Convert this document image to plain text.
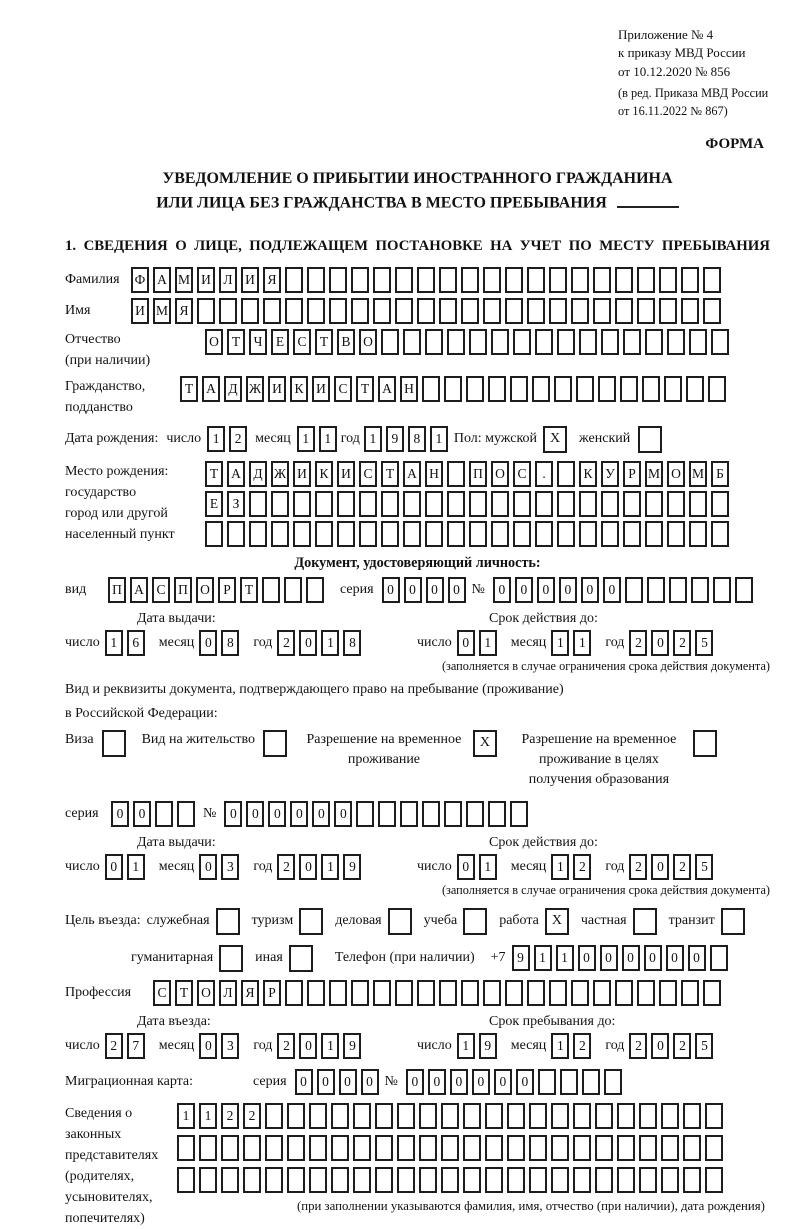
Приложение № 4
к приказу МВД России
от 10.12.2020 № 856
(в ред. Приказа МВД России
от 16.11.2022 № 867)
ФОРМА
УВЕДОМЛЕНИЕ О ПРИБЫТИИ ИНОСТРАННОГО ГРАЖДАНИНА
ИЛИ ЛИЦА БЕЗ ГРАЖДАНСТВА В МЕСТО ПРЕБЫВАНИЯ
1. СВЕДЕНИЯ О ЛИЦЕ, ПОДЛЕЖАЩЕМ ПОСТАНОВКЕ НА УЧЕТ ПО МЕСТУ ПРЕБЫВАНИЯ
Фамилия	Ф А М И Л И Я
Имя	И М Я
Отчество
(при наличии)
О Т Ч Е С Т В О
Гражданство,
подданство
Т А Д Ж И К И С Т А Н
Дата рождения: число 1	2 месяц 1	1 год 1	9	8	1 Пол: мужской X	женский
Место рождения:
государство
город или другой
населенный пункт
Т А Д Ж И К И С Т А Н	П О С	.	К У Р М О М Б
Е	З
Документ, удостоверяющий личность:
вид	П А С П О Р	Т	серия	0	0	0	0 №	0	0	0	0	0	0
Дата выдачи:
число 1	6	месяц 0	8	год 2	0	1	8
Срок действия до:
число 0	1	месяц 1	1	год 2	0	2	5
(заполняется в случае ограничения срока действия документа)
Вид и реквизиты документа, подтверждающего право на пребывание (проживание)
в Российской Федерации:
Виза	Вид на жительство	Разрешение на временное проживание
X	Разрешение на временное проживание в целях получения образования
серия	0	0	№	0	0	0	0	0	0
Дата выдачи:
число 0	1	месяц 0	3	год 2	0	1	9
Срок действия до:
число 0	1	месяц 1	2	год 2	0	2	5
(заполняется в случае ограничения срока действия документа)
Цель въезда: служебная	туризм	деловая	учеба	работа X	частная	транзит
гуманитарная	иная	Телефон (при наличии) +7 9	1	1	0	0	0	0	0	0
Профессия	С Т О Л Я	Р
Дата въезда:
число 2	7	месяц 0	3	год 2	0	1	9
Срок пребывания до:
число 1	9	месяц 1	2	год 2	0	2	5
Миграционная карта:	серия	0	0	0	0 №	0	0	0	0	0	0
Сведения о
законных
представителях
(родителях,
усыновителях,
попечителях)
1	1	2	2
(при заполнении указываются фамилия, имя, отчество (при наличии), дата рождения)
